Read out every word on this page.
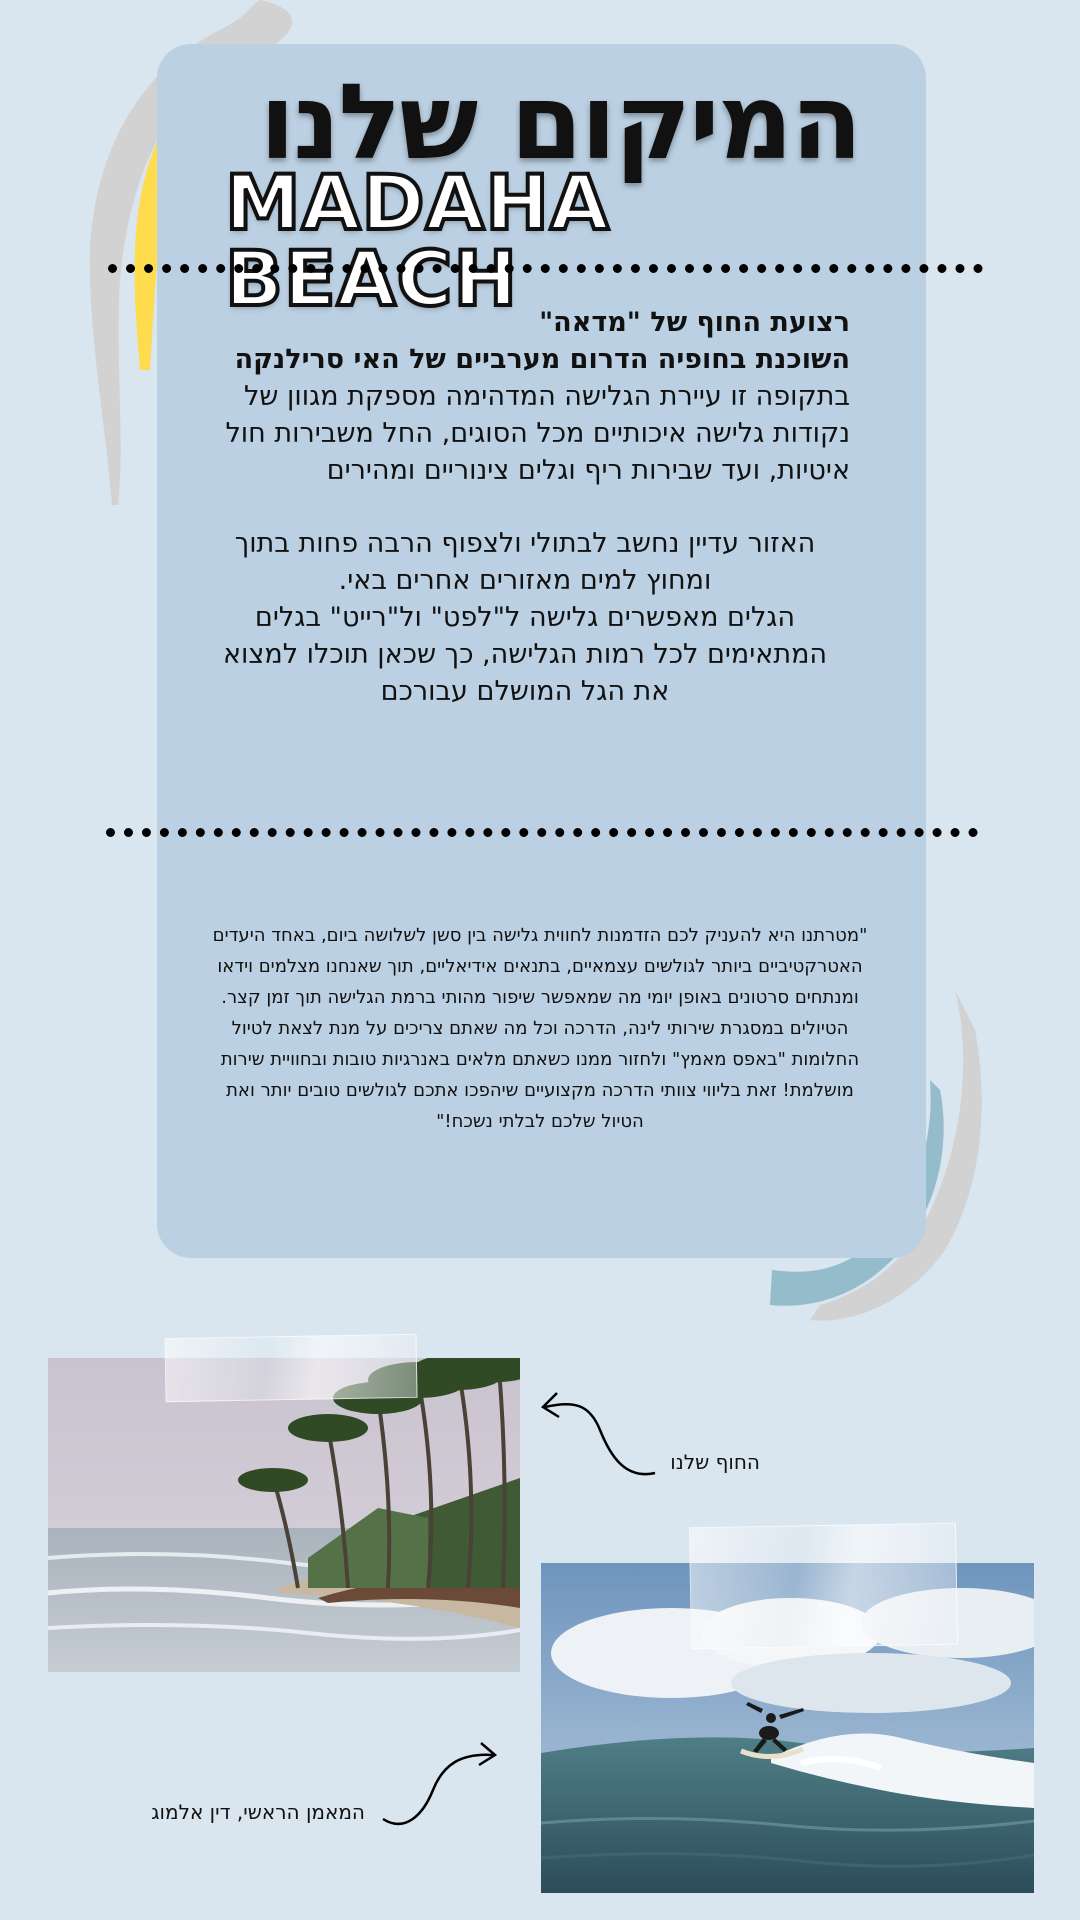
המיקום שלנו
MADAHA BEACH רצועת החוף של "מדאה"

השוכנת בחופיה הדרום מערביים של האי סרילנקה

בתקופה זו עיירת הגלישה המדהימה מספקת מגוון של

נקודות גלישה איכותיים מכל הסוגים, החל משבירות חול

איטיות, ועד שבירות ריף וגלים צינוריים ומהירים

האזור עדיין נחשב לבתולי ולצפוף הרבה פחות בתוך

ומחוץ למים מאזורים אחרים באי.

הגלים מאפשרים גלישה ל"לפט" ול"רייט" בגלים

המתאימים לכל רמות הגלישה, כך שכאן תוכלו למצוא

את הגל המושלם עבורכם

"מטרתנו היא להעניק לכם הזדמנות לחווית גלישה בין סשן לשלושה ביום, באחד היעדים
האטרקטיביים ביותר לגולשים עצמאיים, בתנאים אידיאליים, תוך שאנחנו מצלמים וידאו
ומנתחים סרטונים באופן יומי מה שמאפשר שיפור מהותי ברמת הגלישה תוך זמן קצר.
הטיולים במסגרת שירותי לינה, הדרכה וכל מה שאתם צריכים על מנת לצאת לטיול
החלומות "באפס מאמץ" ולחזור ממנו כשאתם מלאים באנרגיות טובות ובחוויית שירות
מושלמת! זאת בליווי צוותי הדרכה מקצועיים שיהפכו אתכם לגולשים טובים יותר ואת
הטיול שלכם לבלתי נשכח!"
החוף שלנו
המאמן הראשי, דין אלמוג
